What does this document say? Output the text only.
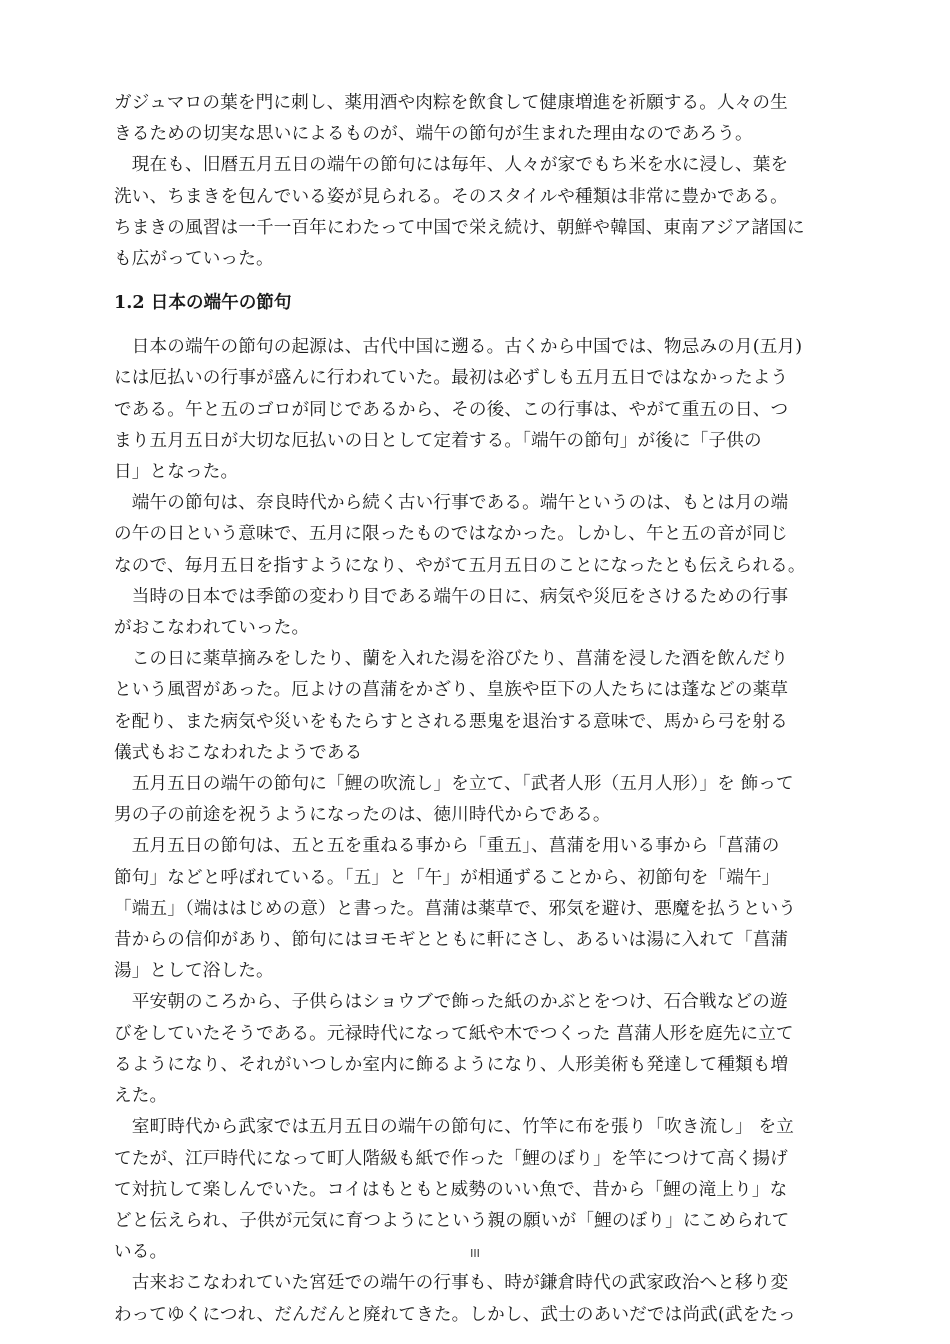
ガジュマロの葉を門に刺し、薬用酒や肉粽を飲食して健康増進を祈願する。人々の生
きるための切実な思いによるものが、端午の節句が生まれた理由なのであろう。

　現在も、旧暦五月五日の端午の節句には毎年、人々が家でもち米を水に浸し、葉を
洗い、ちまきを包んでいる姿が見られる。そのスタイルや種類は非常に豊かである。
ちまきの風習は一千一百年にわたって中国で栄え続け、朝鮮や韓国、東南アジア諸国に
も広がっていった。

1.2 日本の端午の節句

　日本の端午の節句の起源は、古代中国に遡る。古くから中国では、物忌みの月(五月)
には厄払いの行事が盛んに行われていた。最初は必ずしも五月五日ではなかったよう
である。午と五のゴロが同じであるから、その後、この行事は、やがて重五の日、つ
まり五月五日が大切な厄払いの日として定着する。「端午の節句」が後に「子供の
日」となった。

　端午の節句は、奈良時代から続く古い行事である。端午というのは、もとは月の端
の午の日という意味で、五月に限ったものではなかった。しかし、午と五の音が同じ
なので、毎月五日を指すようになり、やがて五月五日のことになったとも伝えられる。

　当時の日本では季節の変わり目である端午の日に、病気や災厄をさけるための行事
がおこなわれていった。

　この日に薬草摘みをしたり、蘭を入れた湯を浴びたり、菖蒲を浸した酒を飲んだり
という風習があった。厄よけの菖蒲をかざり、皇族や臣下の人たちには蓬などの薬草
を配り、また病気や災いをもたらすとされる悪鬼を退治する意味で、馬から弓を射る
儀式もおこなわれたようである

　五月五日の端午の節句に「鯉の吹流し」を立て、「武者人形（五月人形）」を 飾って
男の子の前途を祝うようになったのは、徳川時代からである。

　五月五日の節句は、五と五を重ねる事から「重五」、菖蒲を用いる事から「菖蒲の
節句」などと呼ばれている。「五」と「午」が相通ずることから、初節句を「端午」
「端五」（端ははじめの意）と書った。菖蒲は薬草で、邪気を避け、悪魔を払うという
昔からの信仰があり、節句にはヨモギとともに軒にさし、あるいは湯に入れて「菖蒲
湯」として浴した。

　平安朝のころから、子供らはショウブで飾った紙のかぶとをつけ、石合戦などの遊
びをしていたそうである。元禄時代になって紙や木でつくった 菖蒲人形を庭先に立て
るようになり、それがいつしか室内に飾るようになり、人形美術も発達して種類も増
えた。

　室町時代から武家では五月五日の端午の節句に、竹竿に布を張り「吹き流し」 を立
てたが、江戸時代になって町人階級も紙で作った「鯉のぼり」を竿につけて高く揚げ
て対抗して楽しんでいた。コイはもともと威勢のいい魚で、昔から「鯉の滝上り」な
どと伝えられ、子供が元気に育つようにという親の願いが「鯉のぼり」にこめられて
いる。

　古来おこなわれていた宮廷での端午の行事も、時が鎌倉時代の武家政治へと移り変
わってゆくにつれ、だんだんと廃れてきた。しかし、武士のあいだでは尚武(武をたっ

III
